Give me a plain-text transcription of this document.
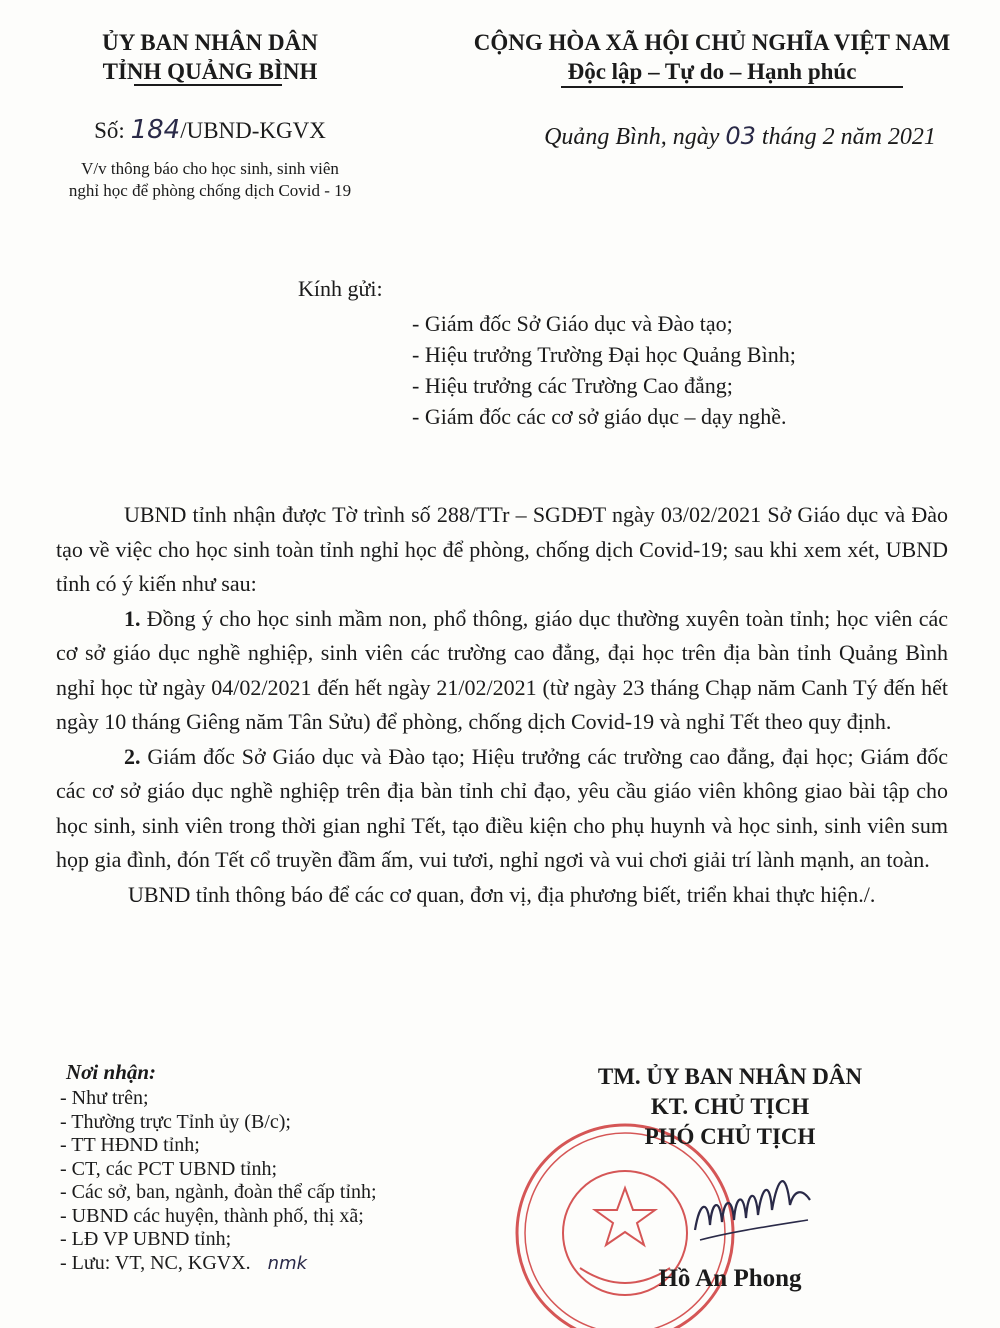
ỦY BAN NHÂN DÂN
TỈNH QUẢNG BÌNH
Số: 184/UBND-KGVX
V/v thông báo cho học sinh, sinh viên
nghỉ học để phòng chống dịch Covid - 19
CỘNG HÒA XÃ HỘI CHỦ NGHĨA VIỆT NAM
Độc lập – Tự do – Hạnh phúc
Quảng Bình, ngày 03 tháng 2 năm 2021
Kính gửi:
- Giám đốc Sở Giáo dục và Đào tạo;
- Hiệu trưởng Trường Đại học Quảng Bình;
- Hiệu trưởng các Trường Cao đẳng;
- Giám đốc các cơ sở giáo dục – dạy nghề.

UBND tỉnh nhận được Tờ trình số 288/TTr – SGDĐT ngày 03/02/2021 Sở Giáo dục và Đào tạo về việc cho học sinh toàn tỉnh nghỉ học để phòng, chống dịch Covid-19; sau khi xem xét, UBND tỉnh có ý kiến như sau:

1. Đồng ý cho học sinh mầm non, phổ thông, giáo dục thường xuyên toàn tỉnh; học viên các cơ sở giáo dục nghề nghiệp, sinh viên các trường cao đẳng, đại học trên địa bàn tỉnh Quảng Bình nghỉ học từ ngày 04/02/2021 đến hết ngày 21/02/2021 (từ ngày 23 tháng Chạp năm Canh Tý đến hết ngày 10 tháng Giêng năm Tân Sửu) để phòng, chống dịch Covid-19 và nghỉ Tết theo quy định.

2. Giám đốc Sở Giáo dục và Đào tạo; Hiệu trưởng các trường cao đẳng, đại học; Giám đốc các cơ sở giáo dục nghề nghiệp trên địa bàn tỉnh chỉ đạo, yêu cầu giáo viên không giao bài tập cho học sinh, sinh viên trong thời gian nghỉ Tết, tạo điều kiện cho phụ huynh và học sinh, sinh viên sum họp gia đình, đón Tết cổ truyền đầm ấm, vui tươi, nghỉ ngơi và vui chơi giải trí lành mạnh, an toàn.

UBND tỉnh thông báo để các cơ quan, đơn vị, địa phương biết, triển khai thực hiện./.

Nơi nhận:
- Như trên;
- Thường trực Tỉnh ủy (B/c);
- TT HĐND tỉnh;
- CT, các PCT UBND tỉnh;
- Các sở, ban, ngành, đoàn thể cấp tỉnh;
- UBND các huyện, thành phố, thị xã;
- LĐ VP UBND tỉnh;
- Lưu: VT, NC, KGVX. nmk
TM. ỦY BAN NHÂN DÂN
KT. CHỦ TỊCH
PHÓ CHỦ TỊCH
Hồ An Phong
